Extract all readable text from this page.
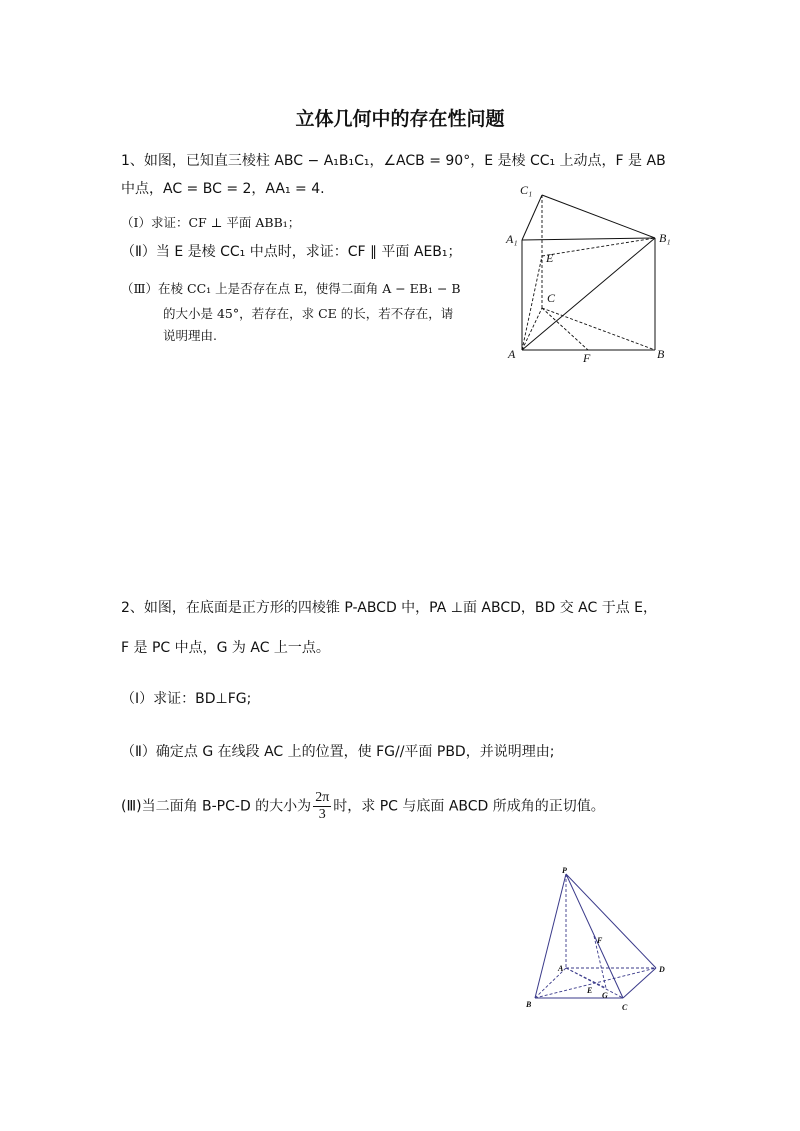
立体几何中的存在性问题
1、如图，已知直三棱柱 ABC − A₁B₁C₁，∠ACB = 90°，E 是棱 CC₁ 上动点，F 是 AB
中点，AC = BC = 2，AA₁ = 4.
（Ⅰ）求证：CF ⊥ 平面 ABB₁；
（Ⅱ）当 E 是棱 CC₁ 中点时，求证：CF ∥ 平面 AEB₁；
（Ⅲ）在棱 CC₁ 上是否存在点 E，使得二面角 A − EB₁ − B
的大小是 45°，若存在，求 CE 的长，若不存在，请
说明理由.
C₁
A₁	B₁
E
C
A	F	B
2、如图，在底面是正方形的四棱锥 P-ABCD 中，PA ⊥面 ABCD，BD 交 AC 于点 E，
F 是 PC 中点，G 为 AC 上一点。
（Ⅰ）求证：BD⊥FG;
（Ⅱ）确定点 G 在线段 AC 上的位置，使 FG//平面 PBD，并说明理由;
(Ⅲ)当二面角 B-PC-D 的大小为 $\frac{2\pi}{3}$ 时，求 PC 与底面 ABCD 所成角的正切值。
P
F
A	D
E
G
B	C
